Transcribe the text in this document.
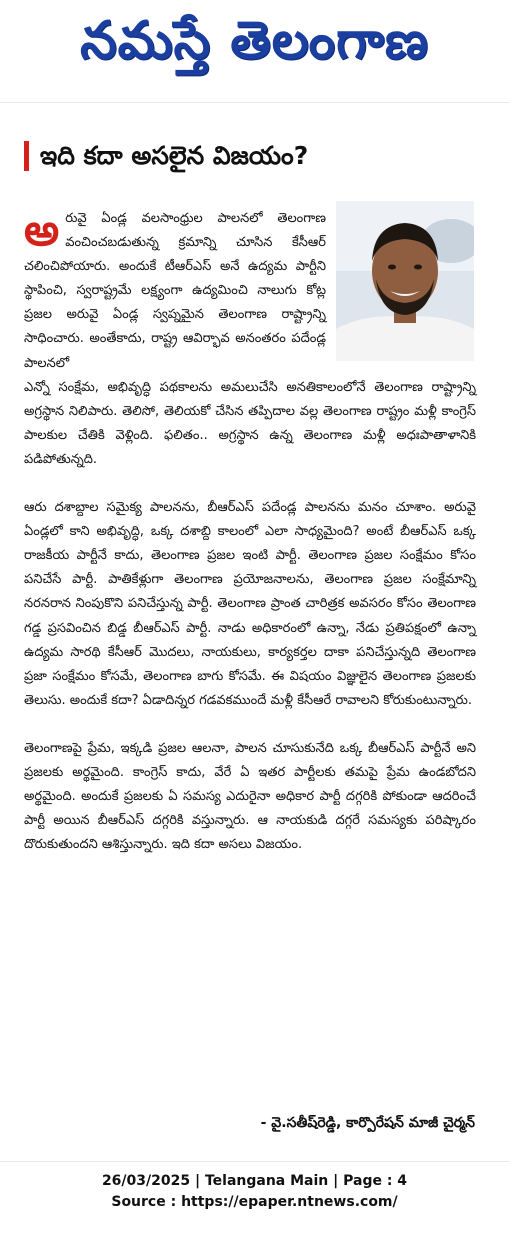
నమస్తే తెలంగాణ
ఇది కదా అసలైన విజయం?
అరువై ఏండ్ల వలసాంధ్రుల పాలనలో తెలంగాణ వంచించబడుతున్న క్రమాన్ని చూసిన కేసీఆర్ చలించిపోయారు. అందుకే టీఆర్ఎస్ అనే ఉద్యమ పార్టీని స్థాపించి, స్వరాష్ట్రమే లక్ష్యంగా ఉద్యమించి నాలుగు కోట్ల ప్రజల అరువై ఏండ్ల స్వప్నమైన తెలంగాణ రాష్ట్రాన్ని సాధించారు. అంతేకాదు, రాష్ట్ర ఆవిర్భావ అనంతరం పదేండ్ల పాలనలో
ఎన్నో సంక్షేమ, అభివృద్ధి పథకాలను అమలుచేసి అనతికాలంలోనే తెలంగాణ రాష్ట్రాన్ని అగ్రస్థాన నిలిపారు. తెలిసో, తెలియకో చేసిన తప్పిదాల వల్ల తెలంగాణ రాష్ట్రం మళ్లీ కాంగ్రెస్ పాలకుల చేతికి వెళ్లింది. ఫలితం.. అగ్రస్థాన ఉన్న తెలంగాణ మళ్లీ అధఃపాతాళానికి పడిపోతున్నది.

ఆరు దశాబ్దాల సమైక్య పాలనను, బీఆర్ఎస్ పదేండ్ల పాలనను మనం చూశాం. అరువై ఏండ్లలో కాని అభివృద్ధి, ఒక్క దశాబ్ది కాలంలో ఎలా సాధ్యమైంది? అంటే బీఆర్ఎస్ ఒక్క రాజకీయ పార్టీనే కాదు, తెలంగాణ ప్రజల ఇంటి పార్టీ. తెలంగాణ ప్రజల సంక్షేమం కోసం పనిచేసే పార్టీ. పాతికేళ్లుగా తెలంగాణ ప్రయోజనాలను, తెలంగాణ ప్రజల సంక్షేమాన్ని నరనరాన నింపుకొని పనిచేస్తున్న పార్టీ. తెలంగాణ ప్రాంత చారిత్రక అవసరం కోసం తెలంగాణ గడ్డ ప్రసవించిన బిడ్డ బీఆర్ఎస్ పార్టీ. నాడు అధికారంలో ఉన్నా, నేడు ప్రతిపక్షంలో ఉన్నా ఉద్యమ సారథి కేసీఆర్ మొదలు, నాయకులు, కార్యకర్తల దాకా పనిచేస్తున్నది తెలంగాణ ప్రజా సంక్షేమం కోసమే, తెలంగాణ బాగు కోసమే. ఈ విషయం విజ్ఞులైన తెలంగాణ ప్రజలకు తెలుసు. అందుకే కదా? ఏడాదిన్నర గడవకముందే మళ్లీ కేసీఆరే రావాలని కోరుకుంటున్నారు.

తెలంగాణపై ప్రేమ, ఇక్కడి ప్రజల ఆలనా, పాలన చూసుకునేది ఒక్క బీఆర్ఎస్ పార్టీనే అని ప్రజలకు అర్థమైంది. కాంగ్రెస్ కాదు, వేరే ఏ ఇతర పార్టీలకు తమపై ప్రేమ ఉండబోదని అర్థమైంది. అందుకే ప్రజలకు ఏ సమస్య ఎదురైనా అధికార పార్టీ దగ్గరికి పోకుండా ఆదరించే పార్టీ అయిన బీఆర్ఎస్ దగ్గరికి వస్తున్నారు. ఆ నాయకుడి దగ్గరే సమస్యకు పరిష్కారం దొరుకుతుందని ఆశిస్తున్నారు. ఇది కదా అసలు విజయం.

- వై.సతీష్‌రెడ్డి, కార్పొరేషన్ మాజీ చైర్మన్
26/03/2025 | Telangana Main | Page : 4
Source : https://epaper.ntnews.com/
